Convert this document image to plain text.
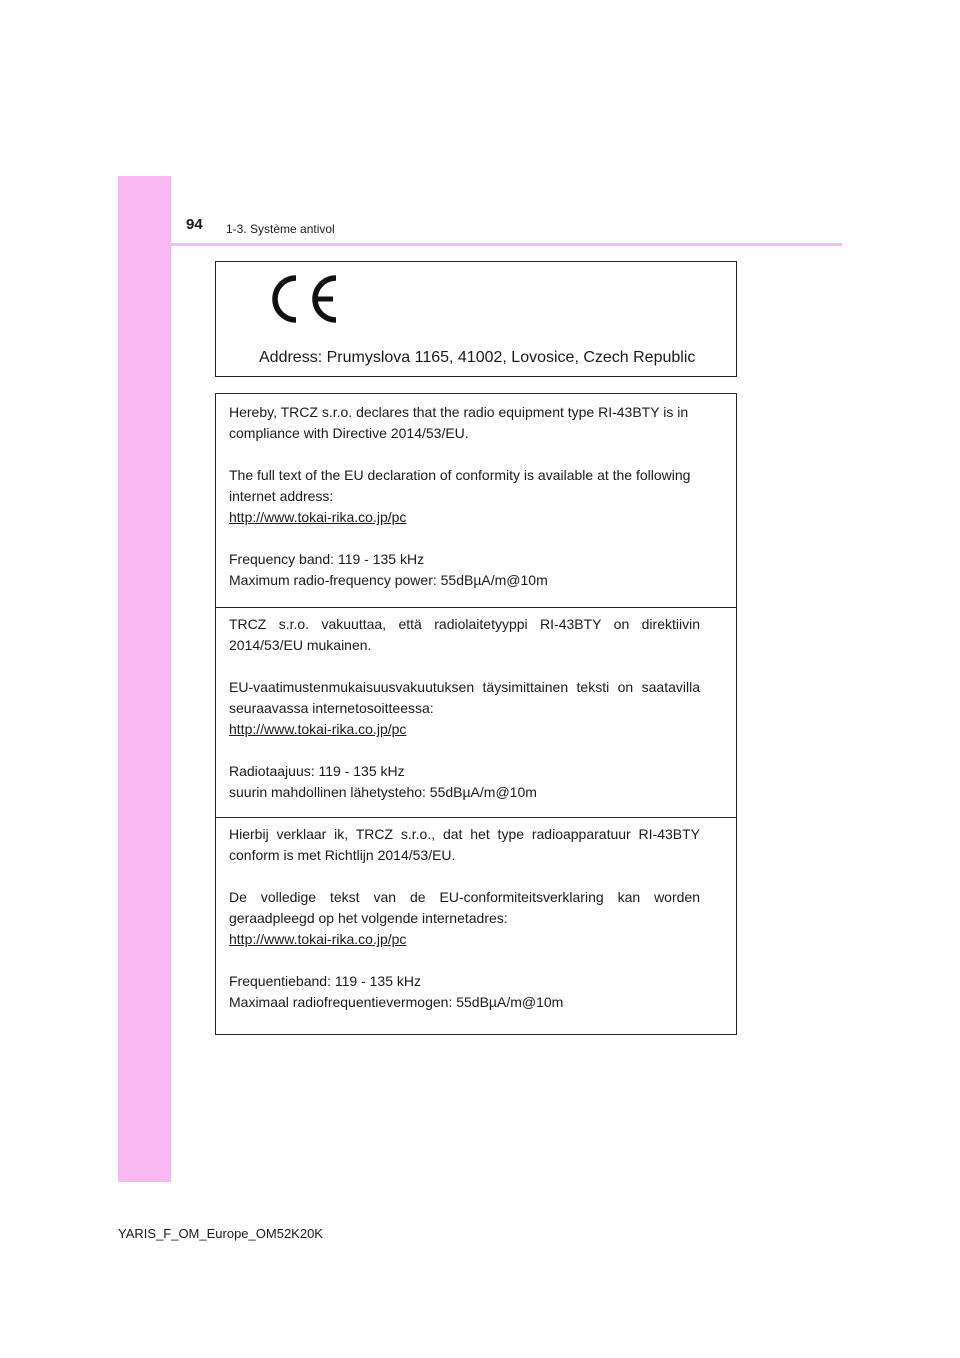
94 1-3. Système antivol
Address: Prumyslova 1165, 41002, Lovosice, Czech Republic

Hereby, TRCZ s.r.o. declares that the radio equipment type RI-43BTY is in compliance with Directive 2014/53/EU.

The full text of the EU declaration of conformity is available at the following internet address:
http://www.tokai-rika.co.jp/pc

Frequency band: 119 - 135 kHz
Maximum radio-frequency power: 55dBµA/m@10m

TRCZ s.r.o. vakuuttaa, että radiolaitetyyppi RI-43BTY on direktiivin 2014/53/EU mukainen.

EU-vaatimustenmukaisuusvakuutuksen täysimittainen teksti on saatavilla seuraavassa internetosoitteessa:
http://www.tokai-rika.co.jp/pc

Radiotaajuus: 119 - 135 kHz
suurin mahdollinen lähetysteho: 55dBµA/m@10m

Hierbij verklaar ik, TRCZ s.r.o., dat het type radioapparatuur RI-43BTY conform is met Richtlijn 2014/53/EU.

De volledige tekst van de EU-conformiteitsverklaring kan worden geraadpleegd op het volgende internetadres:
http://www.tokai-rika.co.jp/pc

Frequentieband: 119 - 135 kHz
Maximaal radiofrequentievermogen: 55dBµA/m@10m

YARIS_F_OM_Europe_OM52K20K
